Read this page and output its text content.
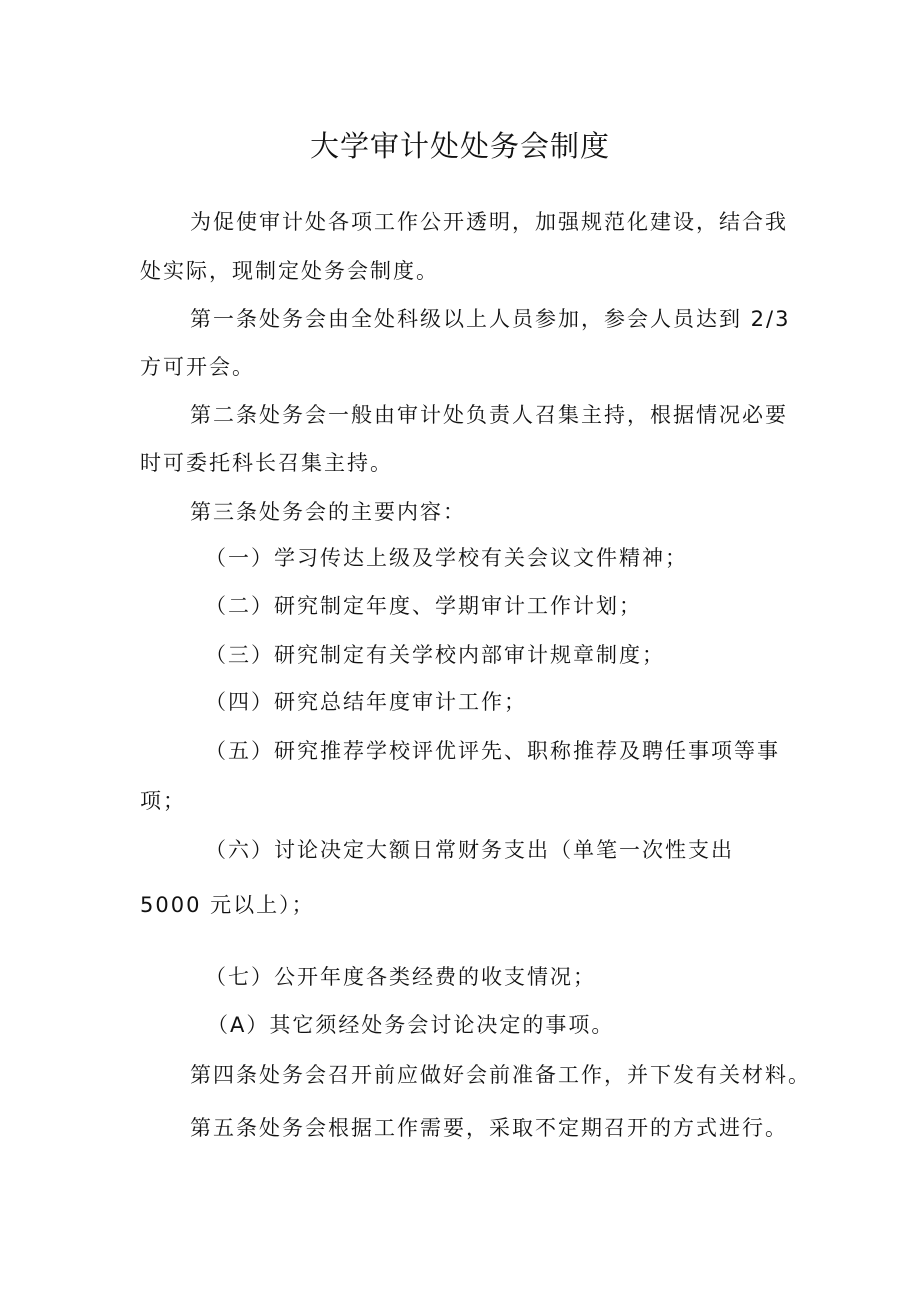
大学审计处处务会制度
为促使审计处各项工作公开透明，加强规范化建设，结合我
处实际，现制定处务会制度。
第一条处务会由全处科级以上人员参加，参会人员达到 2/3
方可开会。
第二条处务会一般由审计处负责人召集主持，根据情况必要
时可委托科长召集主持。
第三条处务会的主要内容：
（一）学习传达上级及学校有关会议文件精神；
（二）研究制定年度、学期审计工作计划；
（三）研究制定有关学校内部审计规章制度；
（四）研究总结年度审计工作；
（五）研究推荐学校评优评先、职称推荐及聘任事项等事
项；
（六）讨论决定大额日常财务支出（单笔一次性支出
5000 元以上）；
（七）公开年度各类经费的收支情况；
（A）其它须经处务会讨论决定的事项。
第四条处务会召开前应做好会前准备工作，并下发有关材料。
第五条处务会根据工作需要，采取不定期召开的方式进行。
